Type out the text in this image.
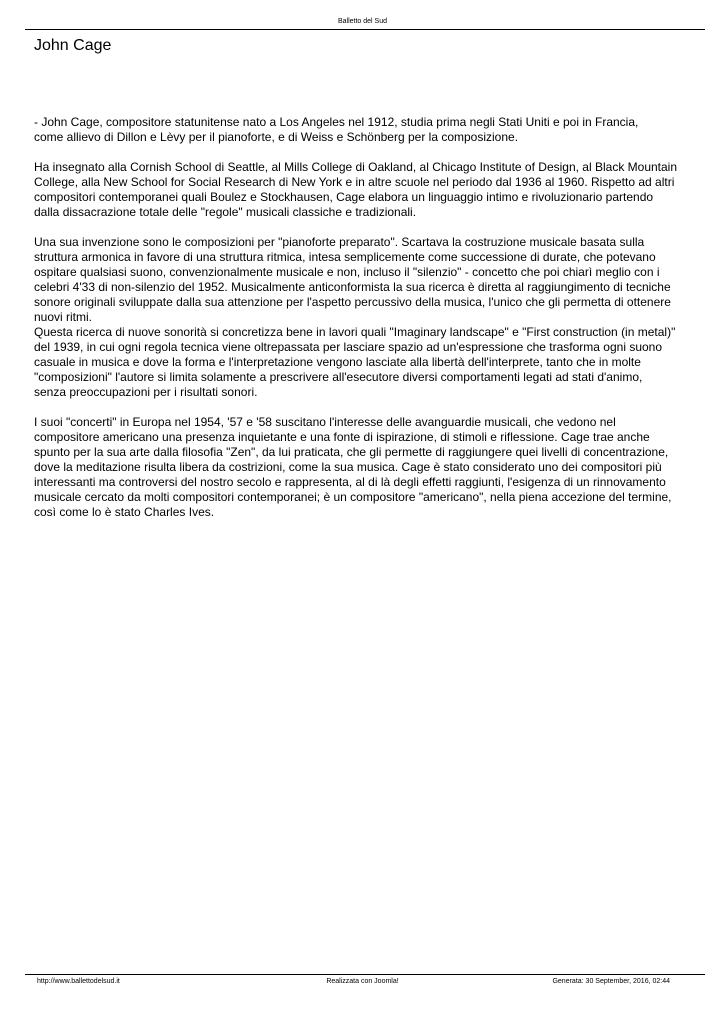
Balletto del Sud
John Cage

- John Cage, compositore statunitense nato a Los Angeles nel 1912, studia prima negli Stati Uniti e poi in Francia,
come allievo di Dillon e Lèvy per il pianoforte, e di Weiss e Schönberg per la composizione.

Ha insegnato alla Cornish School di Seattle, al Mills College di Oakland, al Chicago Institute of Design, al Black Mountain
College, alla New School for Social Research di New York e in altre scuole nel periodo dal 1936 al 1960. Rispetto ad altri
compositori contemporanei quali Boulez e Stockhausen, Cage elabora un linguaggio intimo e rivoluzionario partendo
dalla dissacrazione totale delle "regole" musicali classiche e tradizionali.

Una sua invenzione sono le composizioni per "pianoforte preparato". Scartava la costruzione musicale basata sulla
struttura armonica in favore di una struttura ritmica, intesa semplicemente come successione di durate, che potevano
ospitare qualsiasi suono, convenzionalmente musicale e non, incluso il "silenzio" - concetto che poi chiarì meglio con i
celebri 4'33 di non-silenzio del 1952. Musicalmente anticonformista la sua ricerca è diretta al raggiungimento di tecniche
sonore originali sviluppate dalla sua attenzione per l'aspetto percussivo della musica, l'unico che gli permetta di ottenere
nuovi ritmi.
Questa ricerca di nuove sonorità si concretizza bene in lavori quali "Imaginary landscape" e "First construction (in metal)"
del 1939, in cui ogni regola tecnica viene oltrepassata per lasciare spazio ad un'espressione che trasforma ogni suono
casuale in musica e dove la forma e l'interpretazione vengono lasciate alla libertà dell'interprete, tanto che in molte
"composizioni" l'autore si limita solamente a prescrivere all'esecutore diversi comportamenti legati ad stati d'animo,
senza preoccupazioni per i risultati sonori.

I suoi "concerti" in Europa nel 1954, '57 e '58 suscitano l'interesse delle avanguardie musicali, che vedono nel
compositore americano una presenza inquietante e una fonte di ispirazione, di stimoli e riflessione. Cage trae anche
spunto per la sua arte dalla filosofia "Zen", da lui praticata, che gli permette di raggiungere quei livelli di concentrazione,
dove la meditazione risulta libera da costrizioni, come la sua musica. Cage è stato considerato uno dei compositori più
interessanti ma controversi del nostro secolo e rappresenta, al di là degli effetti raggiunti, l'esigenza di un rinnovamento
musicale cercato da molti compositori contemporanei; è un compositore "americano", nella piena accezione del termine,
così come lo è stato Charles Ives.

http://www.ballettodelsud.it	Realizzata con Joomla!	Generata: 30 September, 2016, 02:44
